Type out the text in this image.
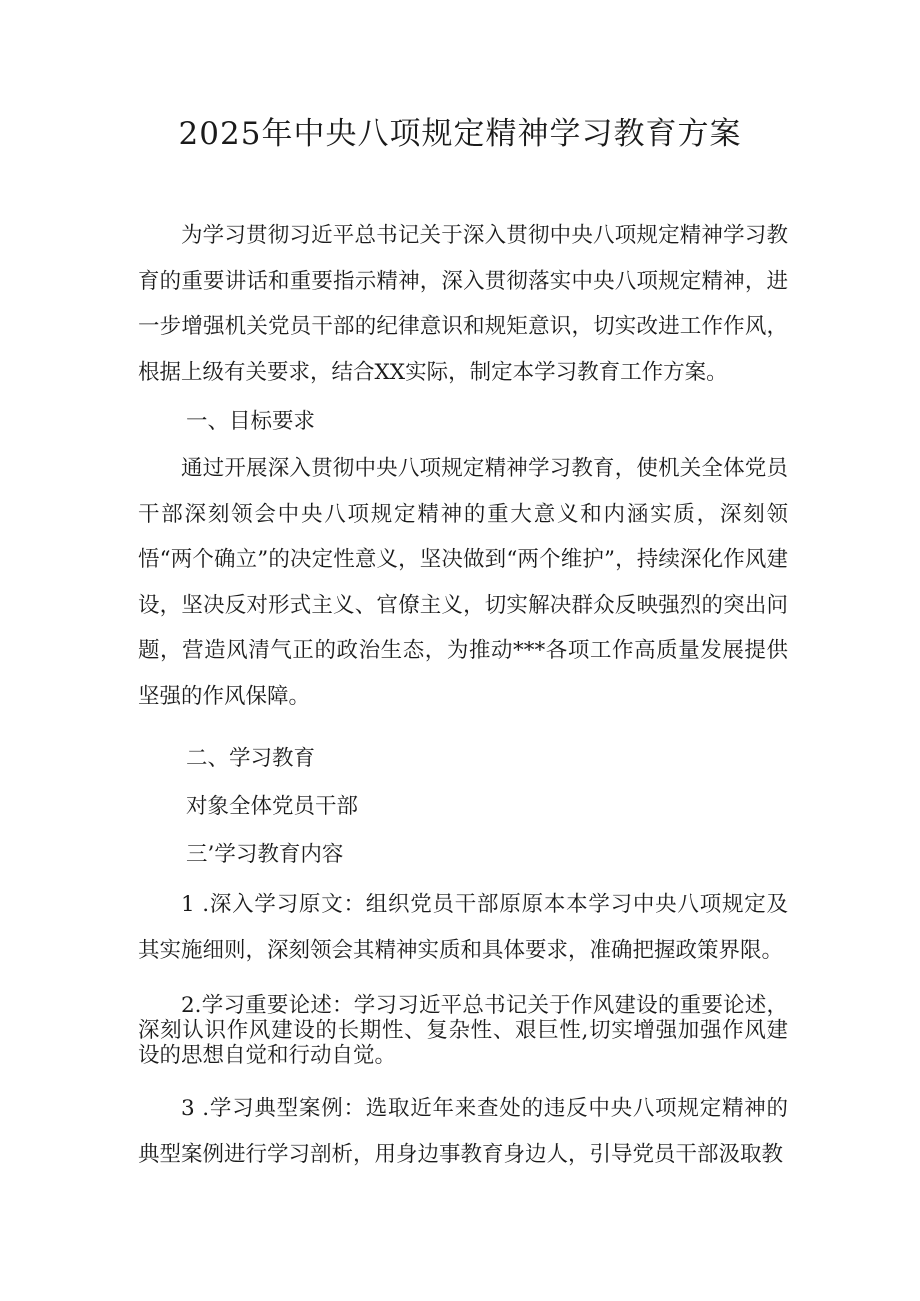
2025年中央八项规定精神学习教育方案

为学习贯彻习近平总书记关于深入贯彻中央八项规定精神学习教育的重要讲话和重要指示精神，深入贯彻落实中央八项规定精神，进一步增强机关党员干部的纪律意识和规矩意识，切实改进工作作风，根据上级有关要求，结合XX实际，制定本学习教育工作方案。

一、目标要求

通过开展深入贯彻中央八项规定精神学习教育，使机关全体党员干部深刻领会中央八项规定精神的重大意义和内涵实质，深刻领悟“两个确立”的决定性意义，坚决做到“两个维护”，持续深化作风建设，坚决反对形式主义、官僚主义，切实解决群众反映强烈的突出问题，营造风清气正的政治生态，为推动***各项工作高质量发展提供坚强的作风保障。

二、学习教育

对象全体党员干部

三’学习教育内容

1 .深入学习原文：组织党员干部原原本本学习中央八项规定及其实施细则，深刻领会其精神实质和具体要求，准确把握政策界限。

2.学习重要论述：学习习近平总书记关于作风建设的重要论述，深刻认识作风建设的长期性、复杂性、艰巨性,切实增强加强作风建设的思想自觉和行动自觉。

3 .学习典型案例：选取近年来查处的违反中央八项规定精神的典型案例进行学习剖析，用身边事教育身边人，引导党员干部汲取教
